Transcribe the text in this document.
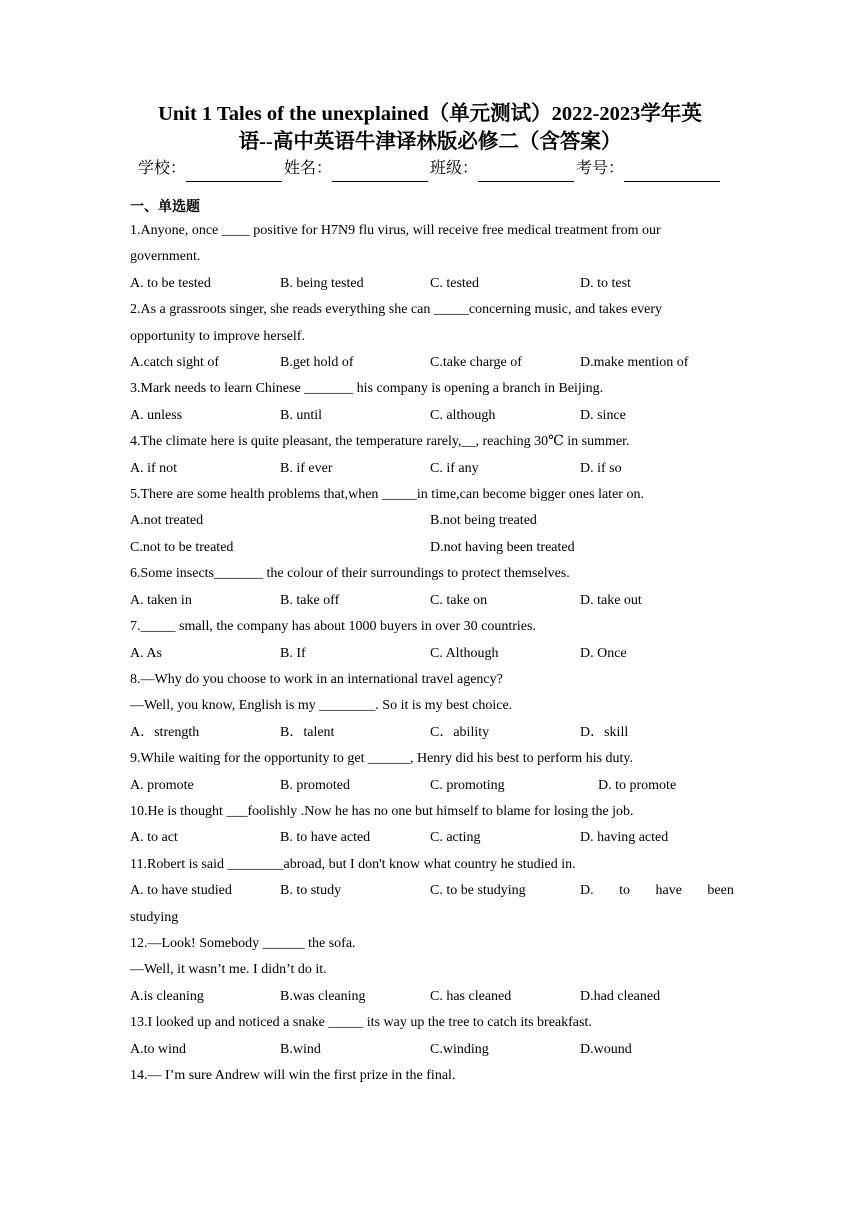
Unit 1 Tales of the unexplained（单元测试）2022-2023学年英
语--高中英语牛津译林版必修二（含答案）
学校：	姓名：	班级：	考号：
一、单选题
1.Anyone, once ____ positive for H7N9 flu virus, will receive free medical treatment from our
government.
A. to be tested	B. being tested	C. tested	D. to test
2.As a grassroots singer, she reads everything she can _____concerning music, and takes every
opportunity to improve herself.
A.catch sight of	B.get hold of	C.take charge of	D.make mention of
3.Mark needs to learn Chinese _______ his company is opening a branch in Beijing.
A. unless	B. until	C. although	D. since
4.The climate here is quite pleasant, the temperature rarely,__, reaching 30℃ in summer.
A. if not	B. if ever	C. if any	D. if so
5.There are some health problems that,when _____in time,can become bigger ones later on.
A.not treated	B.not being treated
C.not to be treated	D.not having been treated
6.Some insects_______ the colour of their surroundings to protect themselves.
A. taken in	B. take off	C. take on	D. take out
7._____ small, the company has about 1000 buyers in over 30 countries.
A. As	B. If	C. Although	D. Once
8.—Why do you choose to work in an international travel agency?
—Well, you know, English is my ________. So it is my best choice.
A．strength	B．talent	C．ability	D．skill
9.While waiting for the opportunity to get ______, Henry did his best to perform his duty.
A. promote	B. promoted	C. promoting	D. to promote
10.He is thought ___foolishly .Now he has no one but himself to blame for losing the job.
A. to act	B. to have acted	C. acting	D. having acted
11.Robert is said ________abroad, but I don't know what country he studied in.
A. to have studied	B. to study	C. to be studying	D. to have been
studying
12.—Look! Somebody ______ the sofa.
—Well, it wasn’t me. I didn’t do it.
A.is cleaning	B.was cleaning	C. has cleaned	D.had cleaned
13.I looked up and noticed a snake _____ its way up the tree to catch its breakfast.
A.to wind	B.wind	C.winding	D.wound
14.— I’m sure Andrew will win the first prize in the final.
